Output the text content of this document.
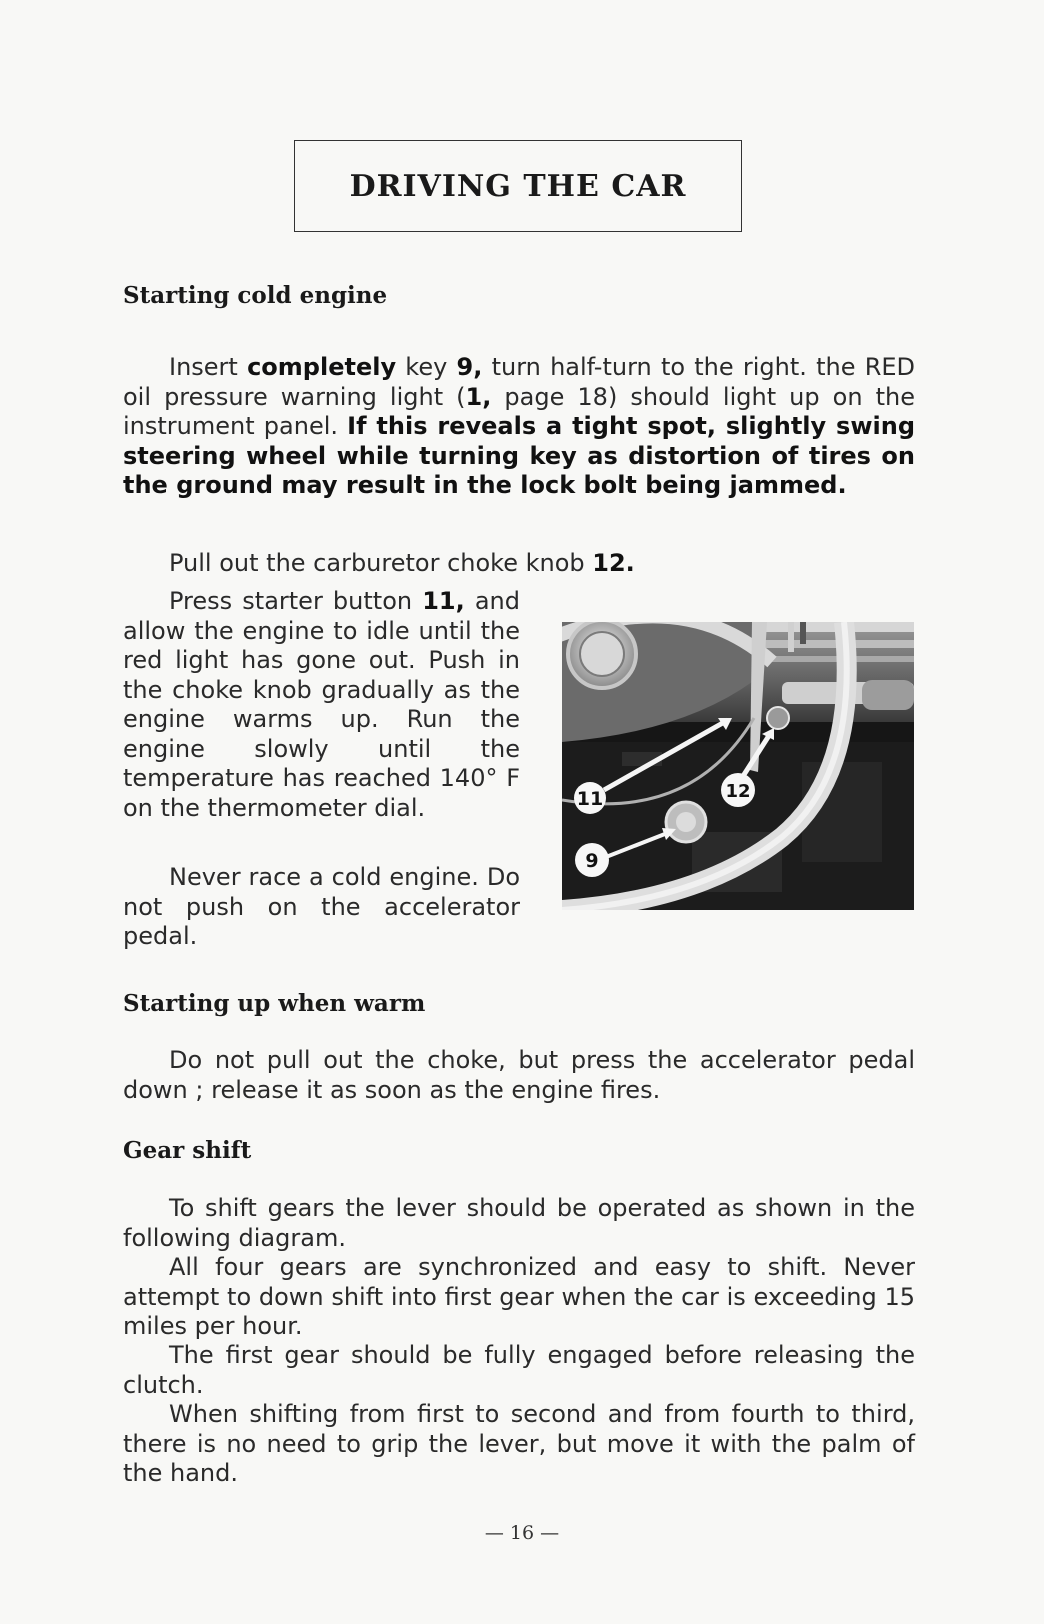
DRIVING THE CAR
Starting cold engine

Insert completely key 9, turn half-turn to the right. the RED oil pressure warning light (1, page 18) should light up on the instrument panel. If this reveals a tight spot, slightly swing steering wheel while turning key as distortion of tires on the ground may result in the lock bolt being jammed.

Pull out the carburetor choke knob 12.

Press starter button 11, and allow the engine to idle until the red light has gone out. Push in the choke knob gradually as the engine warms up. Run the engine slowly until the temperature has reached 140° F on the thermometer dial.

Never race a cold engine. Do not push on the accelerator pedal.

11	12
9
Starting up when warm

Do not pull out the choke, but press the accelerator pedal down ; release it as soon as the engine fires.

Gear shift

To shift gears the lever should be operated as shown in the following diagram.

All four gears are synchronized and easy to shift. Never attempt to down shift into first gear when the car is exceeding 15 miles per hour.

The first gear should be fully engaged before releasing the clutch.

When shifting from first to second and from fourth to third, there is no need to grip the lever, but move it with the palm of the hand.

— 16 —
